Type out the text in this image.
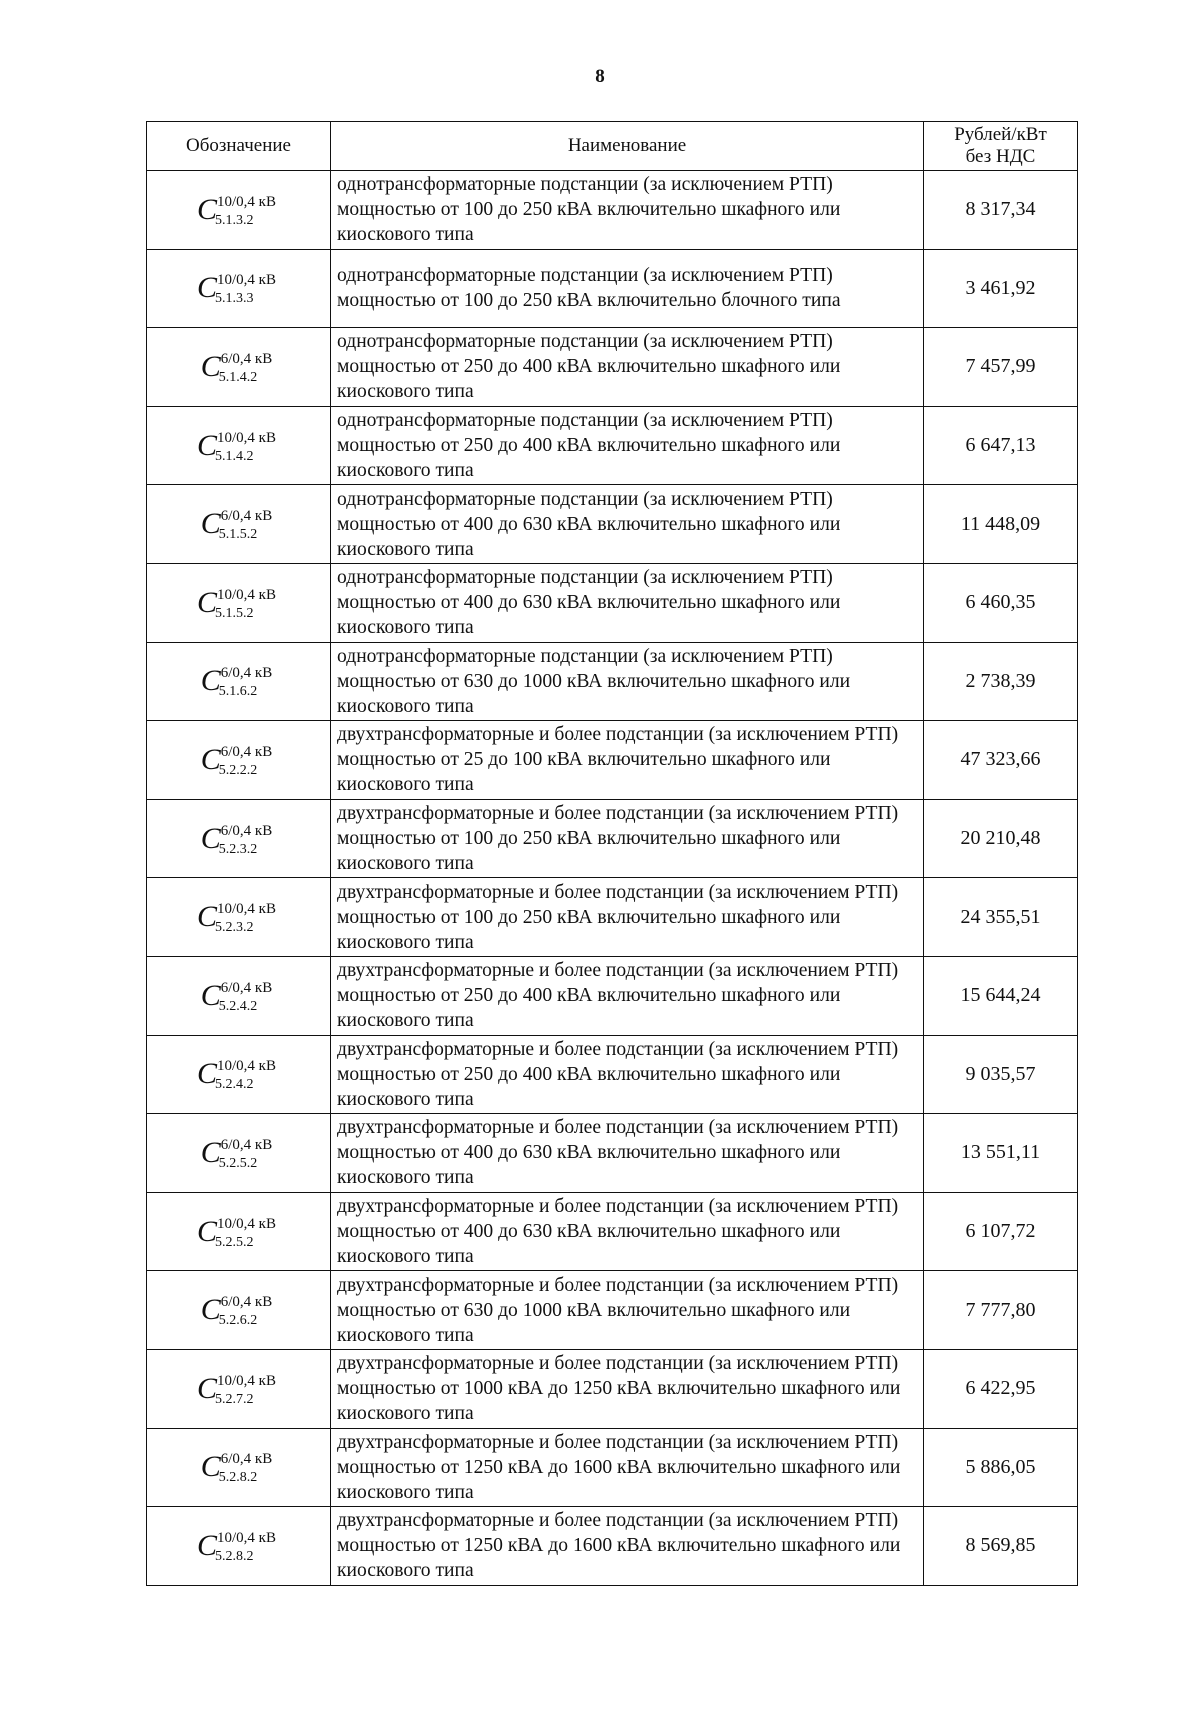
8
Обозначение	Наименование	Рублей/кВт
без НДС
C10/0,4 кВ
5.1.3.2	однотрансформаторные подстанции (за исключением РТП) мощностью от 100 до 250 кВА включительно шкафного или киоскового типа	8 317,34
C10/0,4 кВ
5.1.3.3	однотрансформаторные подстанции (за исключением РТП) мощностью от 100 до 250 кВА включительно блочного типа	3 461,92
C6/0,4 кВ
5.1.4.2	однотрансформаторные подстанции (за исключением РТП) мощностью от 250 до 400 кВА включительно шкафного или киоскового типа	7 457,99
C10/0,4 кВ
5.1.4.2	однотрансформаторные подстанции (за исключением РТП) мощностью от 250 до 400 кВА включительно шкафного или киоскового типа	6 647,13
C6/0,4 кВ
5.1.5.2	однотрансформаторные подстанции (за исключением РТП) мощностью от 400 до 630 кВА включительно шкафного или киоскового типа	11 448,09
C10/0,4 кВ
5.1.5.2	однотрансформаторные подстанции (за исключением РТП) мощностью от 400 до 630 кВА включительно шкафного или киоскового типа	6 460,35
C6/0,4 кВ
5.1.6.2	однотрансформаторные подстанции (за исключением РТП) мощностью от 630 до 1000 кВА включительно шкафного или киоскового типа	2 738,39
C6/0,4 кВ
5.2.2.2	двухтрансформаторные и более подстанции (за исключением РТП) мощностью от 25 до 100 кВА включительно шкафного или киоскового типа	47 323,66
C6/0,4 кВ
5.2.3.2	двухтрансформаторные и более подстанции (за исключением РТП) мощностью от 100 до 250 кВА включительно шкафного или киоскового типа	20 210,48
C10/0,4 кВ
5.2.3.2	двухтрансформаторные и более подстанции (за исключением РТП) мощностью от 100 до 250 кВА включительно шкафного или киоскового типа	24 355,51
C6/0,4 кВ
5.2.4.2	двухтрансформаторные и более подстанции (за исключением РТП) мощностью от 250 до 400 кВА включительно шкафного или киоскового типа	15 644,24
C10/0,4 кВ
5.2.4.2	двухтрансформаторные и более подстанции (за исключением РТП) мощностью от 250 до 400 кВА включительно шкафного или киоскового типа	9 035,57
C6/0,4 кВ
5.2.5.2	двухтрансформаторные и более подстанции (за исключением РТП) мощностью от 400 до 630 кВА включительно шкафного или киоскового типа	13 551,11
C10/0,4 кВ
5.2.5.2	двухтрансформаторные и более подстанции (за исключением РТП) мощностью от 400 до 630 кВА включительно шкафного или киоскового типа	6 107,72
C6/0,4 кВ
5.2.6.2	двухтрансформаторные и более подстанции (за исключением РТП) мощностью от 630 до 1000 кВА включительно шкафного или киоскового типа	7 777,80
C10/0,4 кВ
5.2.7.2	двухтрансформаторные и более подстанции (за исключением РТП) мощностью от 1000 кВА до 1250 кВА включительно шкафного или киоскового типа	6 422,95
C6/0,4 кВ
5.2.8.2	двухтрансформаторные и более подстанции (за исключением РТП) мощностью от 1250 кВА до 1600 кВА включительно шкафного или киоскового типа	5 886,05
C10/0,4 кВ
5.2.8.2	двухтрансформаторные и более подстанции (за исключением РТП) мощностью от 1250 кВА до 1600 кВА включительно шкафного или киоскового типа	8 569,85
